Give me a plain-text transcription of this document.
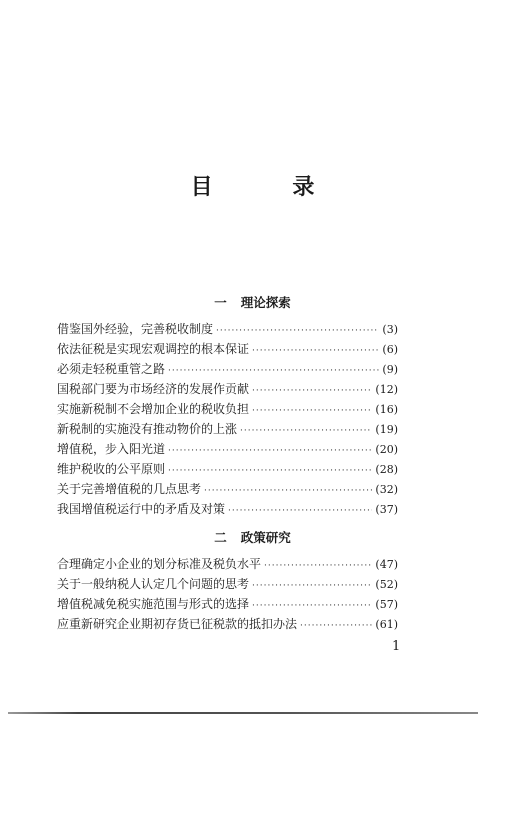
目 录
一 理论探索
借鉴国外经验，完善税收制度 ·····	(3)
依法征税是实现宏观调控的根本保证 ·····	(6)
必须走轻税重管之路 ·····	(9)
国税部门要为市场经济的发展作贡献 ·····	(12)
实施新税制不会增加企业的税收负担 ·····	(16)
新税制的实施没有推动物价的上涨 ·····	(19)
增值税，步入阳光道 ·····	(20)
维护税收的公平原则 ·····	(28)
关于完善增值税的几点思考 ·····	(32)
我国增值税运行中的矛盾及对策 ·····	(37)
二 政策研究
合理确定小企业的划分标准及税负水平 ·····	(47)
关于一般纳税人认定几个问题的思考 ·····	(52)
增值税减免税实施范围与形式的选择 ·····	(57)
应重新研究企业期初存货已征税款的抵扣办法 ·····	(61)
1
